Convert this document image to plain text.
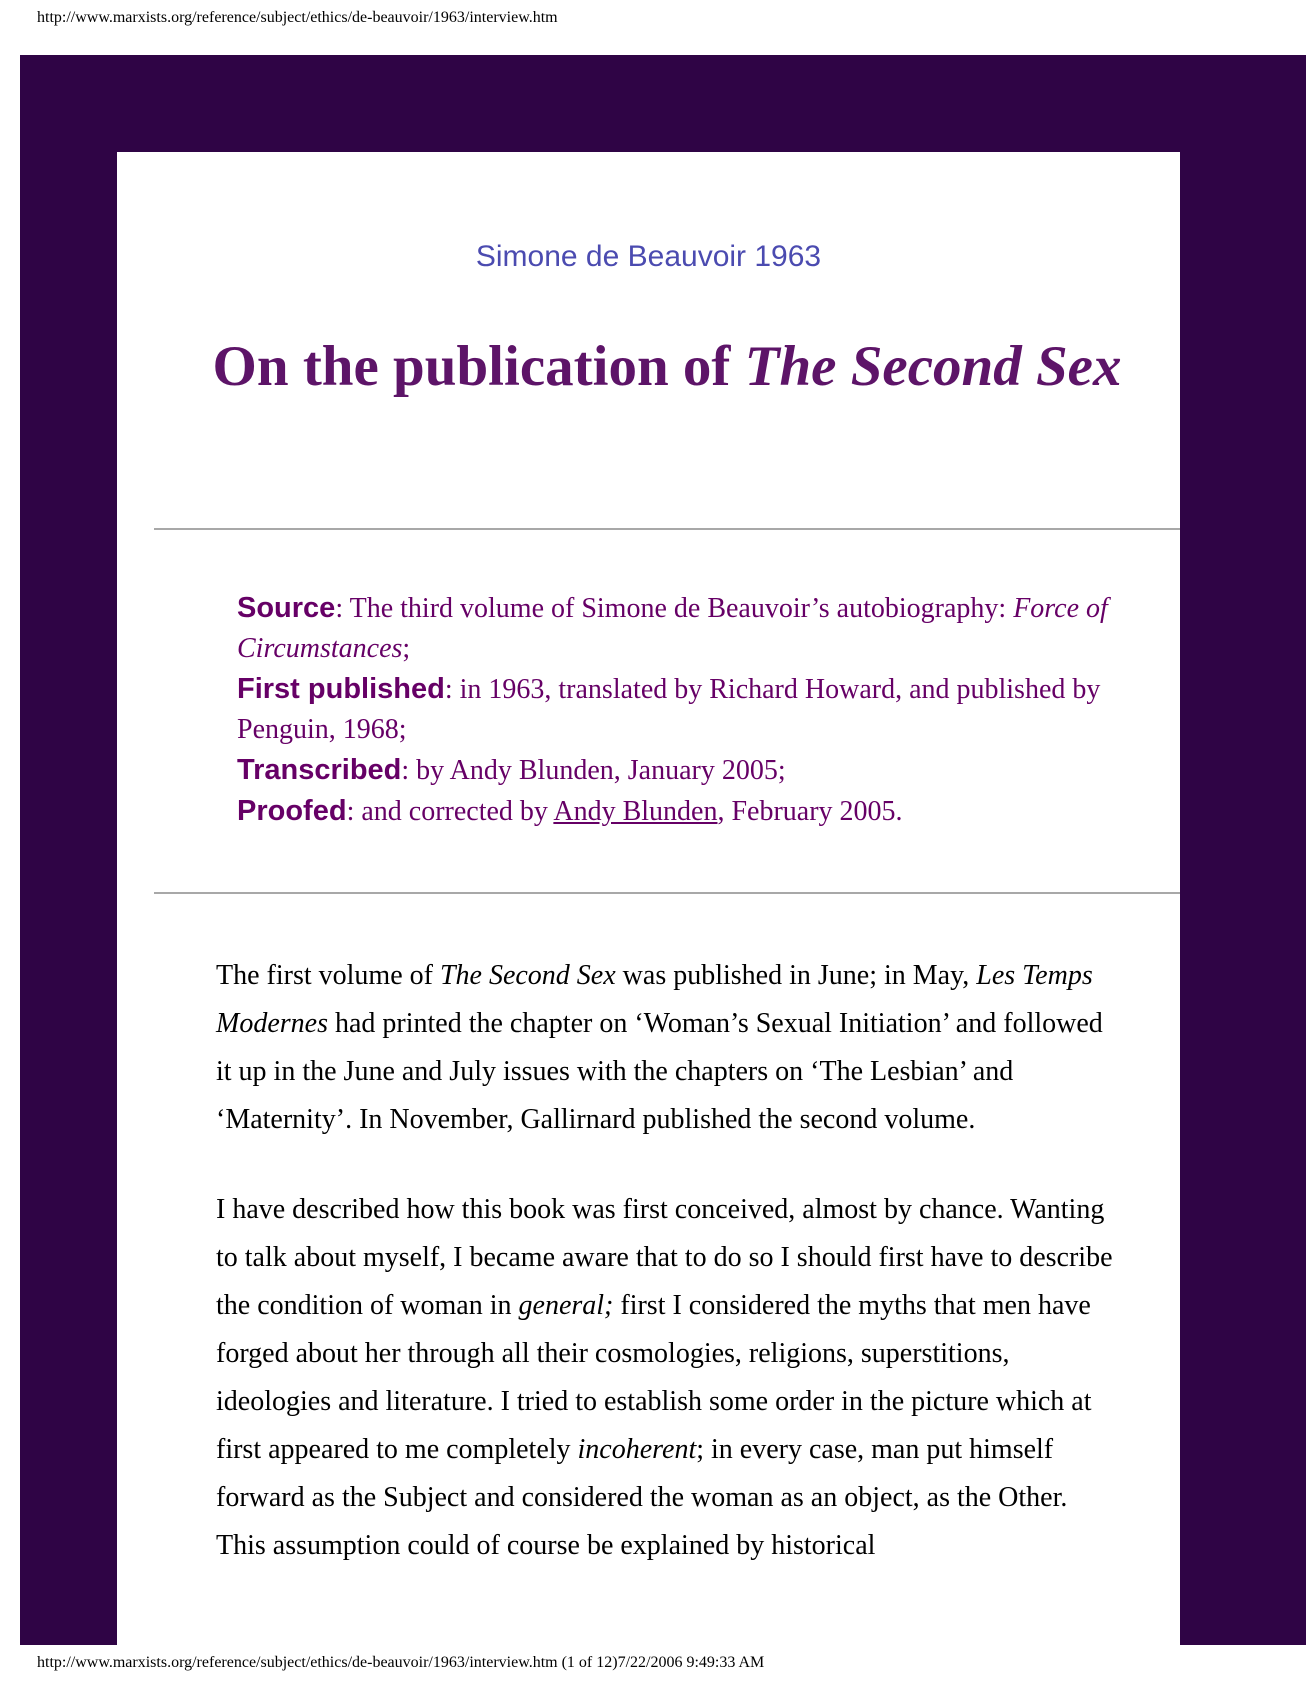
http://www.marxists.org/reference/subject/ethics/de-beauvoir/1963/interview.htm
Simone de Beauvoir 1963
On the publication of The Second Sex
Source: The third volume of Simone de Beauvoir’s autobiography: Force of Circumstances;
First published: in 1963, translated by Richard Howard, and published by Penguin, 1968;
Transcribed: by Andy Blunden, January 2005;
Proofed: and corrected by Andy Blunden, February 2005.

The first volume of The Second Sex was published in June; in May, Les Temps Modernes had printed the chapter on ‘Woman’s Sexual Initiation’ and followed it up in the June and July issues with the chapters on ‘The Lesbian’ and ‘Maternity’. In November, Gallirnard published the second volume.

I have described how this book was first conceived, almost by chance. Wanting to talk about myself, I became aware that to do so I should first have to describe the condition of woman in general; first I considered the myths that men have forged about her through all their cosmologies, religions, superstitions, ideologies and literature. I tried to establish some order in the picture which at first appeared to me completely incoherent; in every case, man put himself forward as the Subject and considered the woman as an object, as the Other. This assumption could of course be explained by historical

http://www.marxists.org/reference/subject/ethics/de-beauvoir/1963/interview.htm (1 of 12)7/22/2006 9:49:33 AM
